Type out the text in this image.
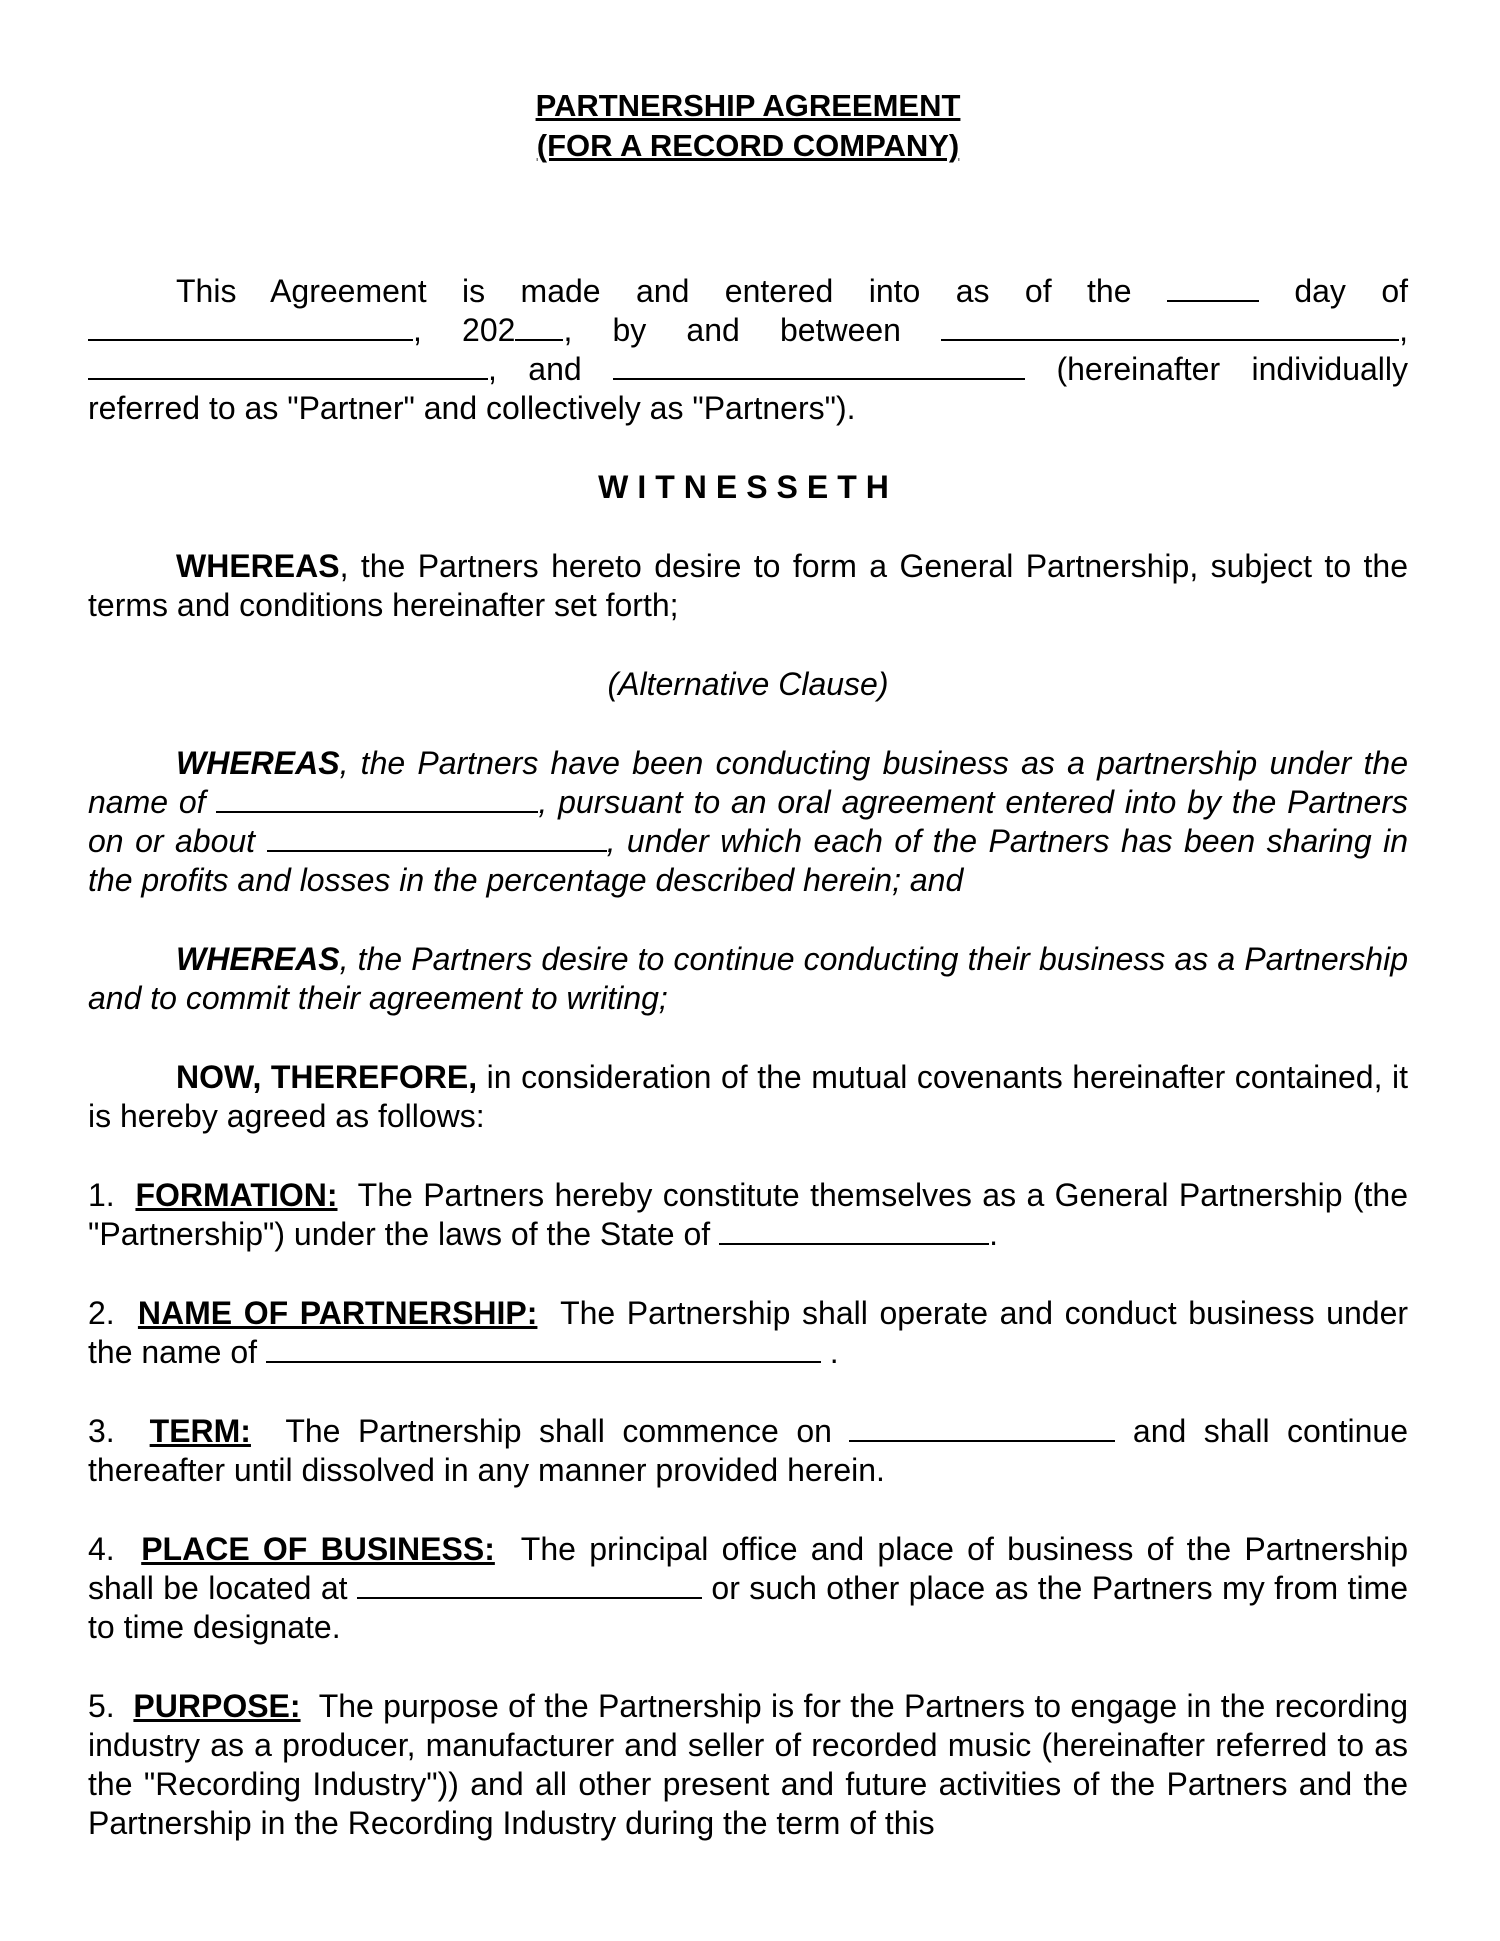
PARTNERSHIP AGREEMENT
(FOR A RECORD COMPANY)

This Agreement is made and entered into as of the	day of , 202 , by and between	, , and	(hereinafter individually referred to as "Partner" and collectively as "Partners").

WITNESSETH

WHEREAS, the Partners hereto desire to form a General Partnership, subject to the terms and conditions hereinafter set forth;

(Alternative Clause)

WHEREAS, the Partners have been conducting business as a partnership under the name of	, pursuant to an oral agreement entered into by the Partners on or about	, under which each of the Partners has been sharing in the profits and losses in the percentage described herein; and

WHEREAS, the Partners desire to continue conducting their business as a Partnership and to commit their agreement to writing;

NOW, THEREFORE, in consideration of the mutual covenants hereinafter contained, it is hereby agreed as follows:

1. FORMATION: The Partners hereby constitute themselves as a General Partnership (the "Partnership") under the laws of the State of	.

2. NAME OF PARTNERSHIP: The Partnership shall operate and conduct business under the name of	.

3. TERM: The Partnership shall commence on	and shall continue thereafter until dissolved in any manner provided herein.

4. PLACE OF BUSINESS: The principal office and place of business of the Partnership shall be located at	or such other place as the Partners my from time to time designate.

5. PURPOSE: The purpose of the Partnership is for the Partners to engage in the recording industry as a producer, manufacturer and seller of recorded music (hereinafter referred to as the "Recording Industry")) and all other present and future activities of the Partners and the Partnership in the Recording Industry during the term of this
